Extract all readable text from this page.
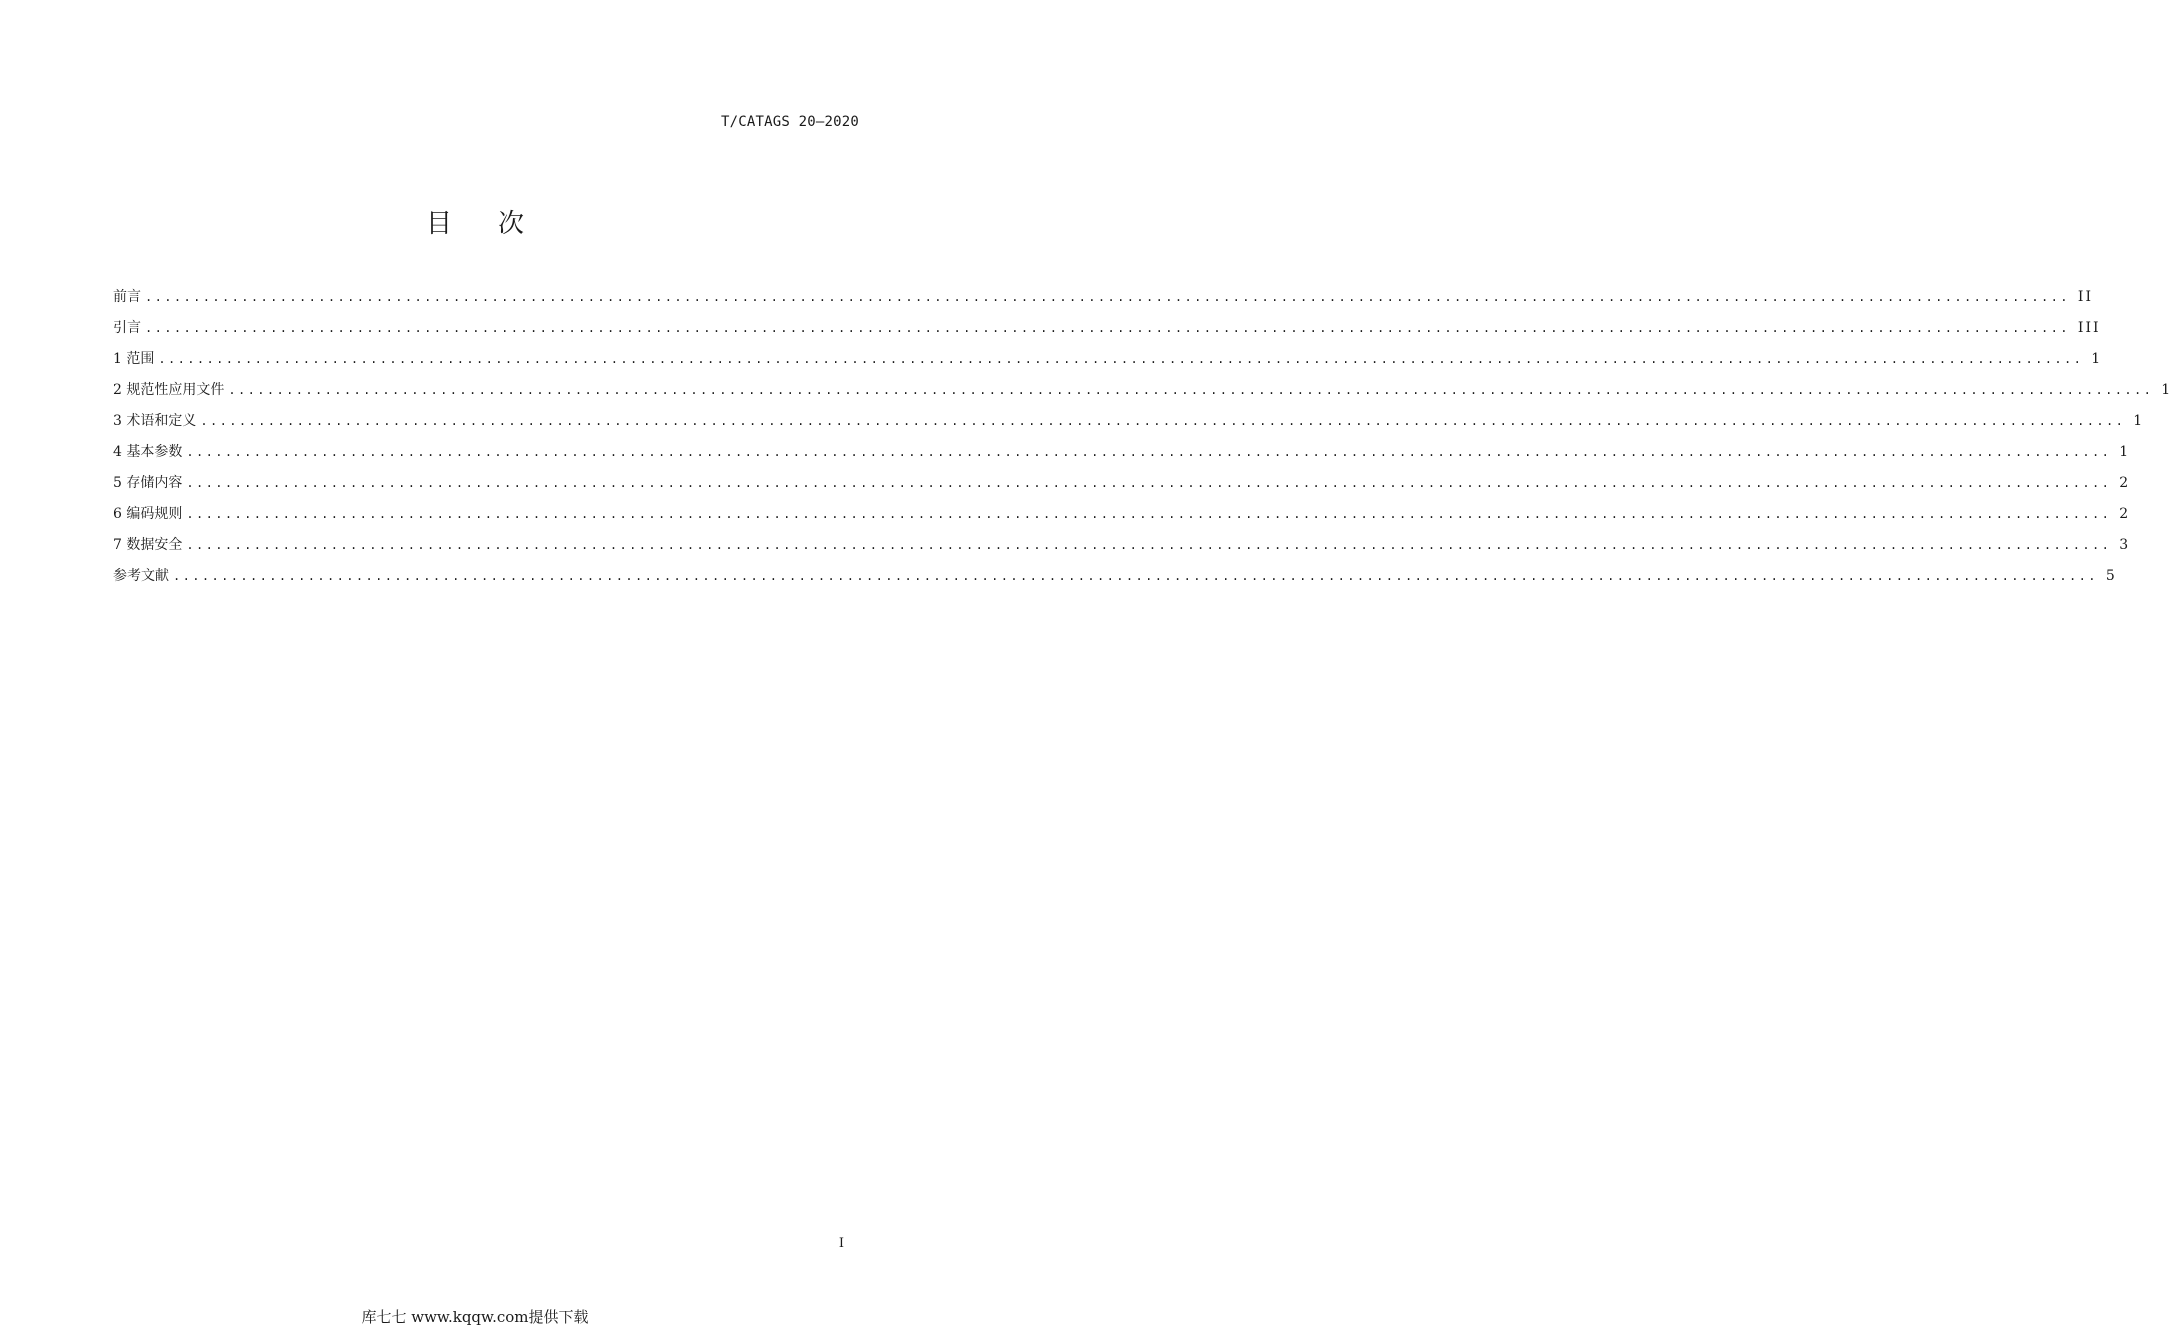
T/CATAGS 20—2020
目次
前言 ........................................................................................................................................................................................................ II
引言 ........................................................................................................................................................................................................ III
1 范围 ........................................................................................................................................................................................................ 1
2 规范性应用文件 ........................................................................................................................................................................................................ 1
3 术语和定义 ........................................................................................................................................................................................................ 1
4 基本参数 ........................................................................................................................................................................................................ 1
5 存储内容 ........................................................................................................................................................................................................ 2
6 编码规则 ........................................................................................................................................................................................................ 2
7 数据安全 ........................................................................................................................................................................................................ 3
参考文献 ........................................................................................................................................................................................................ 5
I
库七七 www.kqqw.com提供下载
